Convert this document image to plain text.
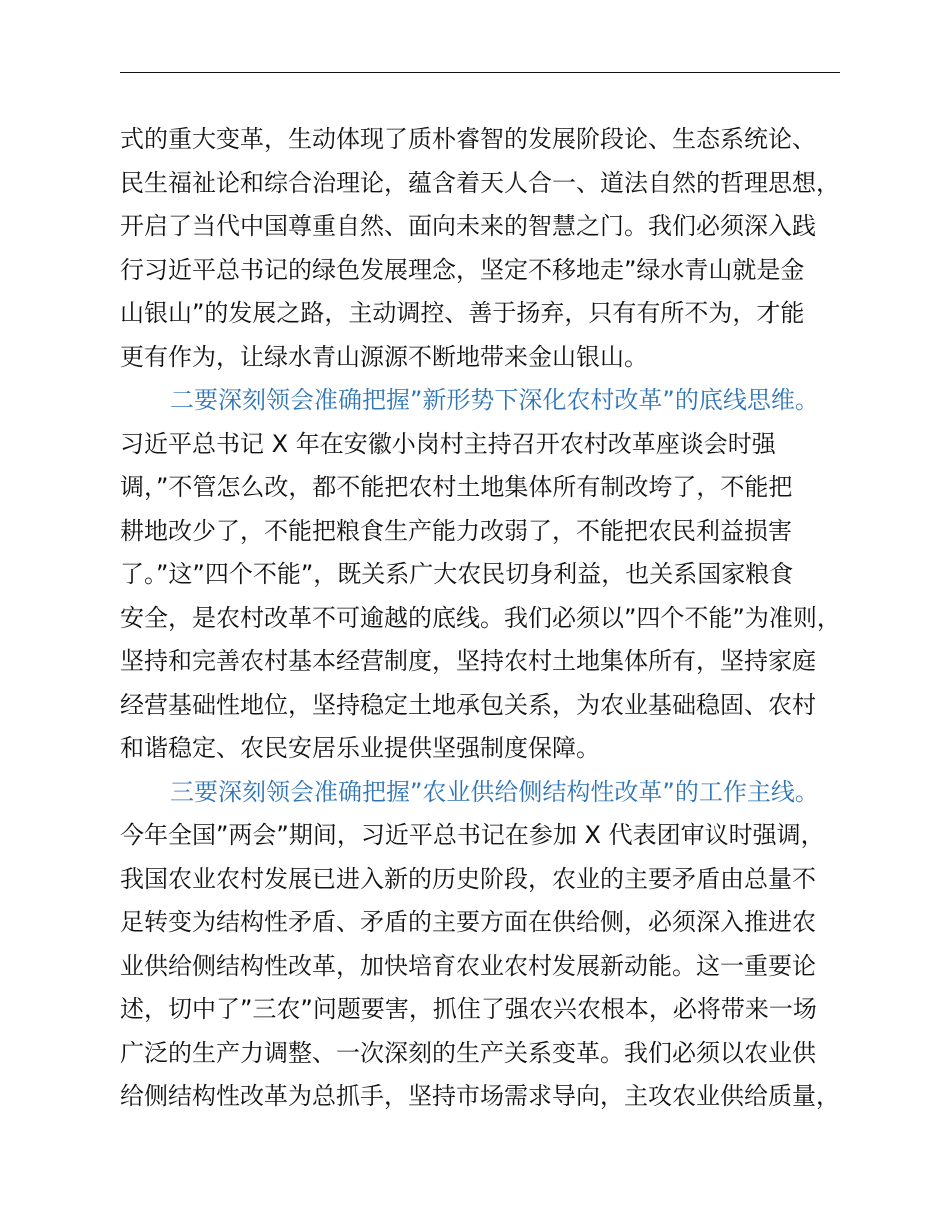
式的重大变革，生动体现了质朴睿智的发展阶段论、生态系统论、
民生福祉论和综合治理论，蕴含着天人合一、道法自然的哲理思想，
开启了当代中国尊重自然、面向未来的智慧之门。我们必须深入践
行习近平总书记的绿色发展理念，坚定不移地走”绿水青山就是金
山银山”的发展之路，主动调控、善于扬弃，只有有所不为，才能
更有作为，让绿水青山源源不断地带来金山银山。
二要深刻领会准确把握”新形势下深化农村改革”的底线思维。
习近平总书记 X 年在安徽小岗村主持召开农村改革座谈会时强
调，”不管怎么改，都不能把农村土地集体所有制改垮了，不能把
耕地改少了，不能把粮食生产能力改弱了，不能把农民利益损害
了。”这”四个不能”，既关系广大农民切身利益，也关系国家粮食
安全，是农村改革不可逾越的底线。我们必须以”四个不能”为准则，
坚持和完善农村基本经营制度，坚持农村土地集体所有，坚持家庭
经营基础性地位，坚持稳定土地承包关系，为农业基础稳固、农村
和谐稳定、农民安居乐业提供坚强制度保障。
三要深刻领会准确把握”农业供给侧结构性改革”的工作主线。
今年全国”两会”期间，习近平总书记在参加 X 代表团审议时强调，
我国农业农村发展已进入新的历史阶段，农业的主要矛盾由总量不
足转变为结构性矛盾、矛盾的主要方面在供给侧，必须深入推进农
业供给侧结构性改革，加快培育农业农村发展新动能。这一重要论
述，切中了”三农”问题要害，抓住了强农兴农根本，必将带来一场
广泛的生产力调整、一次深刻的生产关系变革。我们必须以农业供
给侧结构性改革为总抓手，坚持市场需求导向，主攻农业供给质量，
